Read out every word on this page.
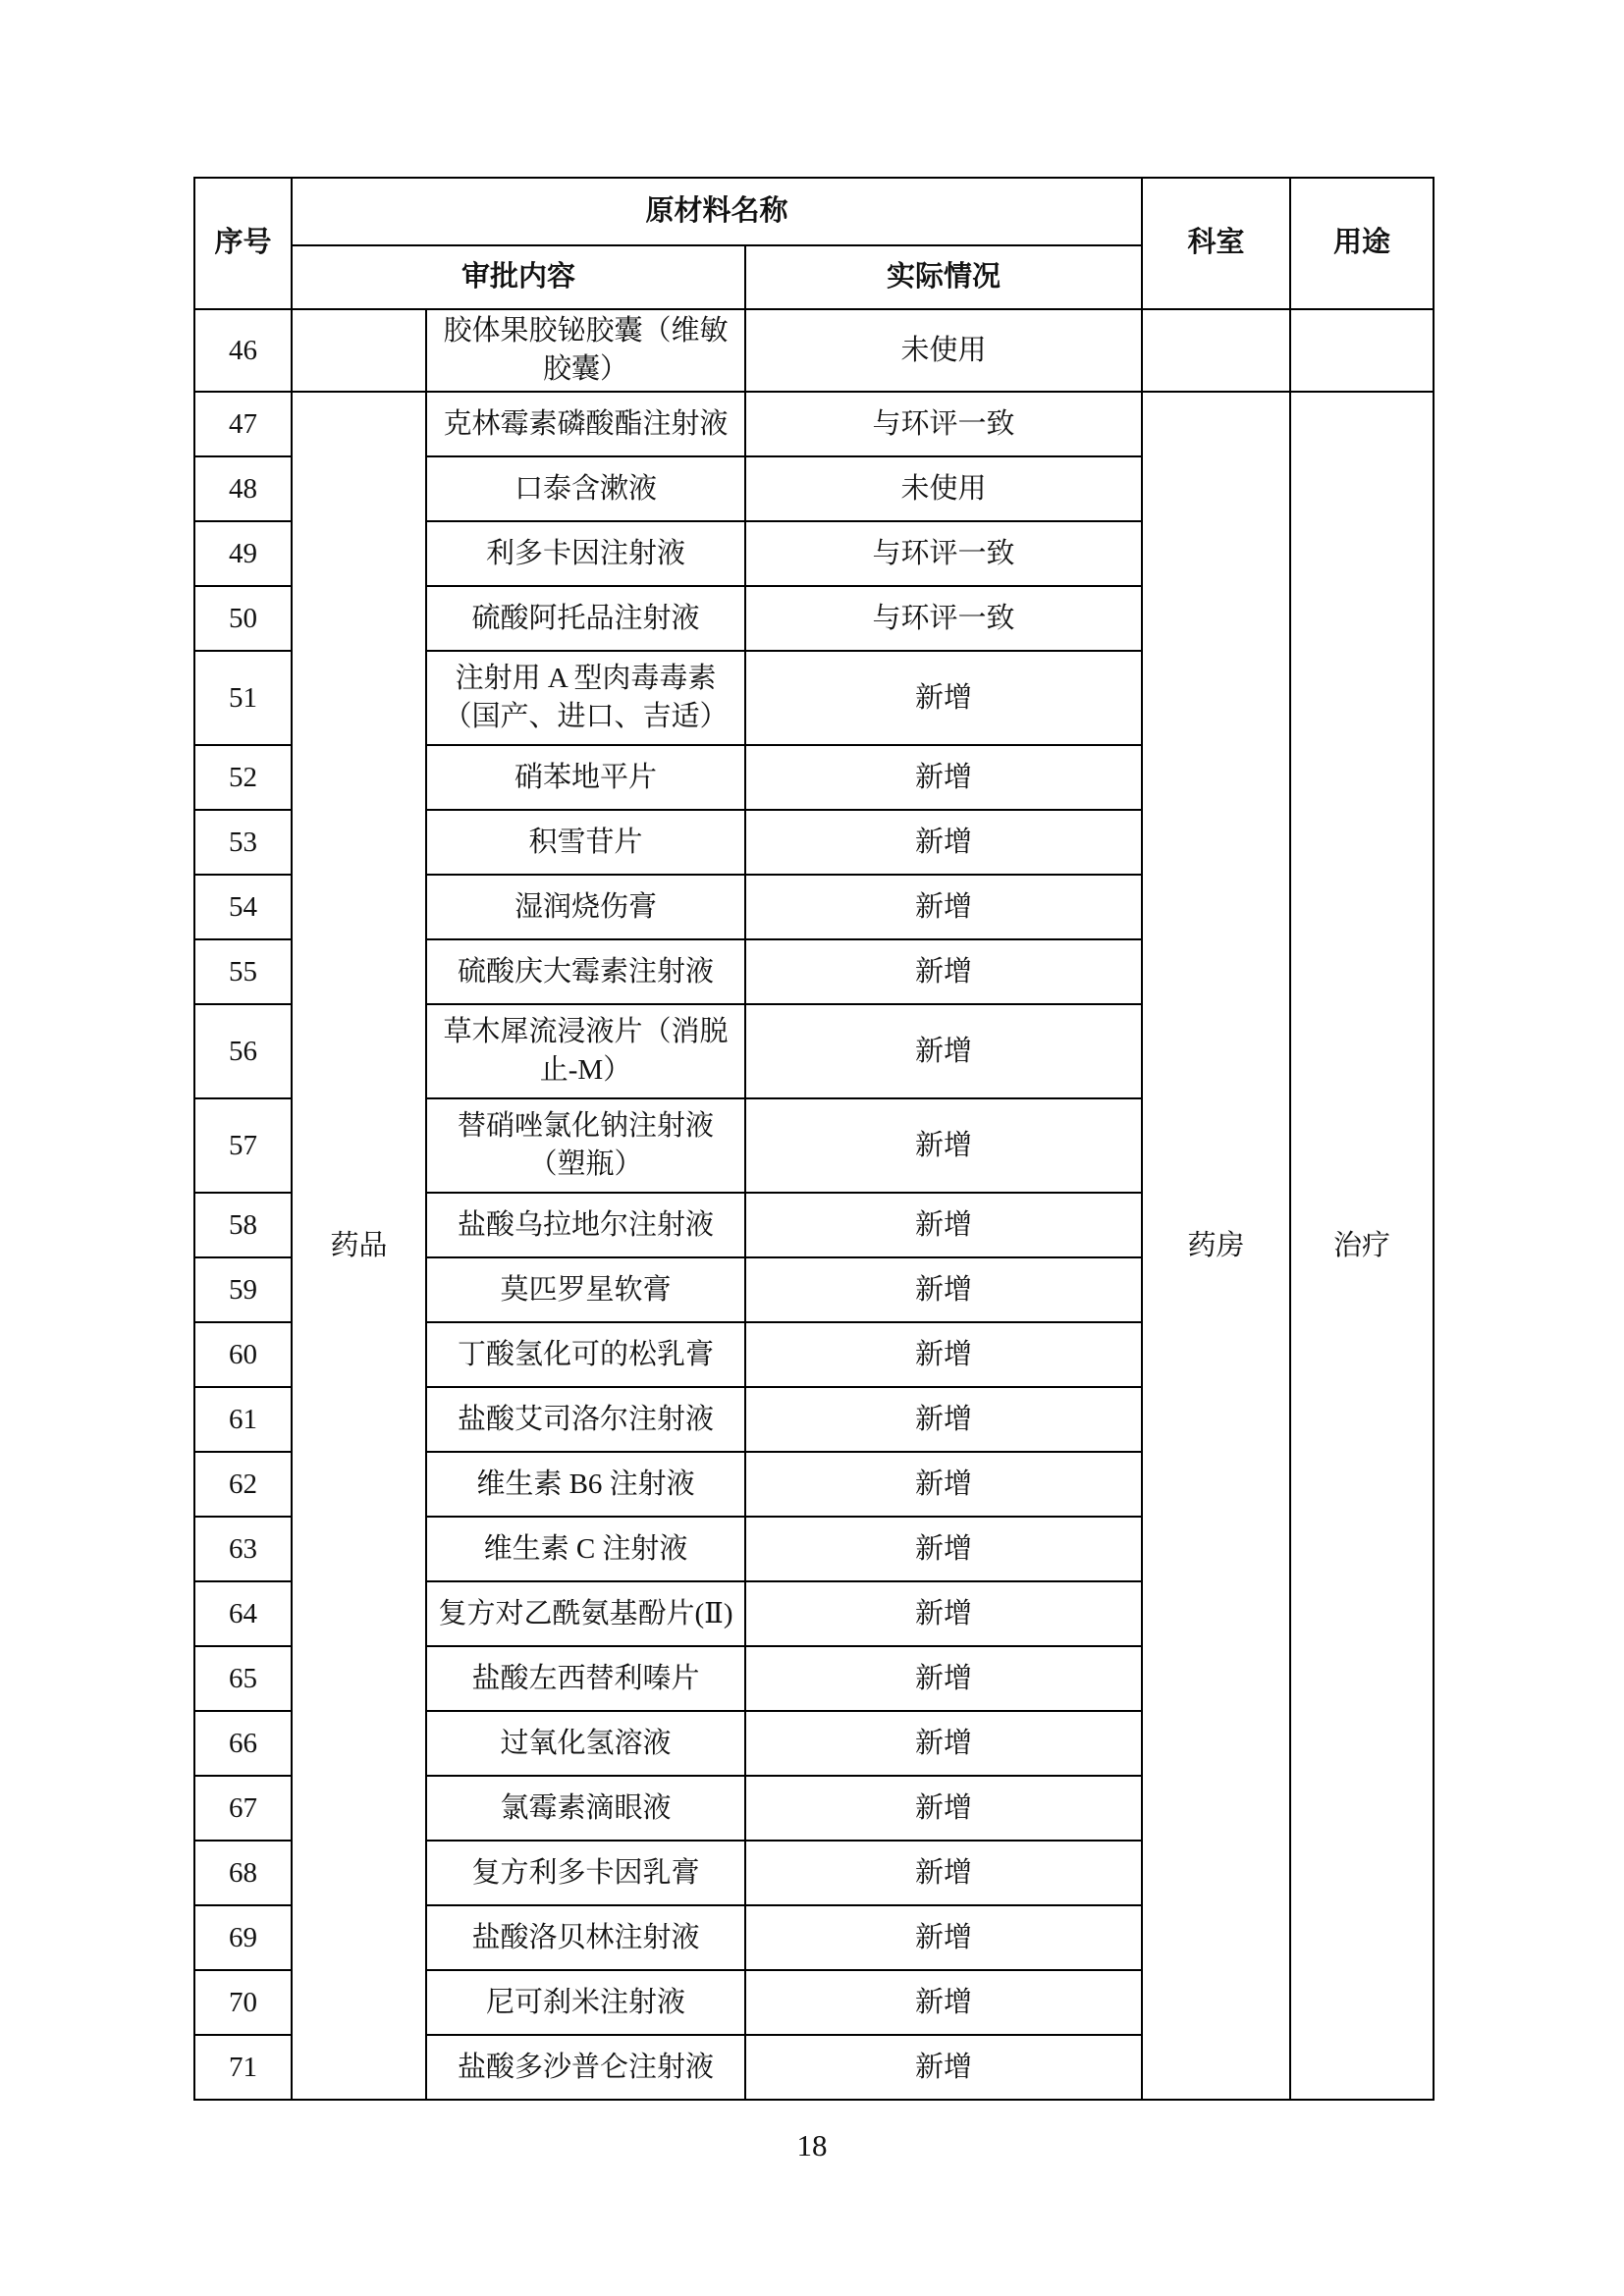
序号	原材料名称			科室	用途
	审批内容		实际情况		
46		胶体果胶铋胶囊（维敏胶囊）	未使用		
47	药品	克林霉素磷酸酯注射液	与环评一致	药房	治疗
48		口泰含漱液	未使用		
49		利多卡因注射液	与环评一致		
50		硫酸阿托品注射液	与环评一致		
51		注射用 A 型肉毒毒素（国产、进口、吉适）	新增		
52		硝苯地平片	新增		
53		积雪苷片	新增		
54		湿润烧伤膏	新增		
55		硫酸庆大霉素注射液	新增		
56		草木犀流浸液片（消脱止-M）	新增		
57		替硝唑氯化钠注射液（塑瓶）	新增		
58		盐酸乌拉地尔注射液	新增		
59		莫匹罗星软膏	新增		
60		丁酸氢化可的松乳膏	新增		
61		盐酸艾司洛尔注射液	新增		
62		维生素 B6 注射液	新增		
63		维生素 C 注射液	新增		
64		复方对乙酰氨基酚片(Ⅱ)	新增		
65		盐酸左西替利嗪片	新增		
66		过氧化氢溶液	新增		
67		氯霉素滴眼液	新增		
68		复方利多卡因乳膏	新增		
69		盐酸洛贝林注射液	新增		
70		尼可刹米注射液	新增		
71		盐酸多沙普仑注射液	新增		
18
